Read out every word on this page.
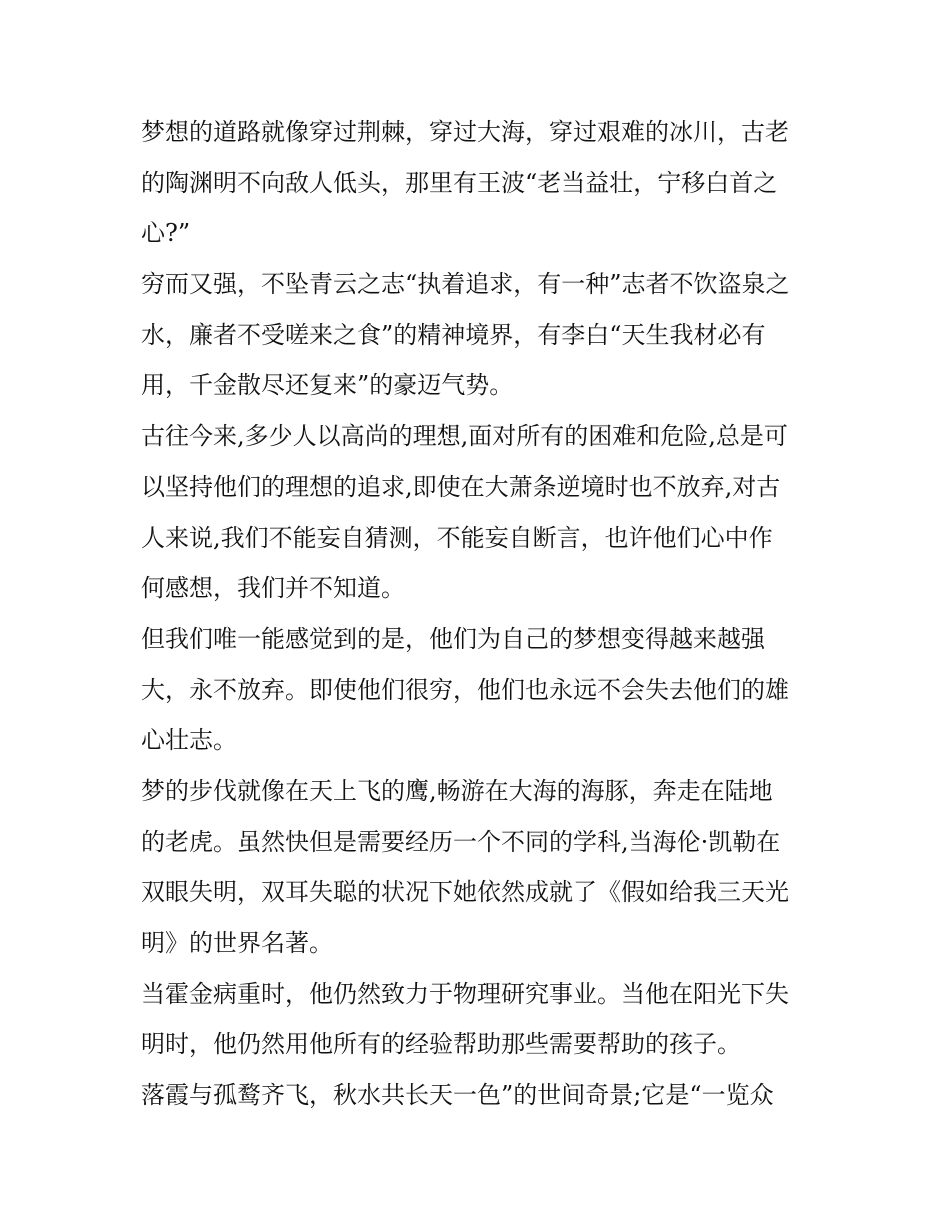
梦想的道路就像穿过荆棘，穿过大海，穿过艰难的冰川，古老
的陶渊明不向敌人低头，那里有王波“老当益壮，宁移白首之
心?”
穷而又强，不坠青云之志“执着追求，有一种”志者不饮盗泉之
水，廉者不受嗟来之食”的精神境界，有李白“天生我材必有
用，千金散尽还复来”的豪迈气势。
古往今来,多少人以高尚的理想,面对所有的困难和危险,总是可
以坚持他们的理想的追求,即使在大萧条逆境时也不放弃,对古
人来说,我们不能妄自猜测，不能妄自断言，也许他们心中作
何感想，我们并不知道。
但我们唯一能感觉到的是，他们为自己的梦想变得越来越强
大，永不放弃。即使他们很穷，他们也永远不会失去他们的雄
心壮志。
梦的步伐就像在天上飞的鹰,畅游在大海的海豚，奔走在陆地
的老虎。虽然快但是需要经历一个不同的学科,当海伦·凯勒在
双眼失明，双耳失聪的状况下她依然成就了《假如给我三天光
明》的世界名著。
当霍金病重时，他仍然致力于物理研究事业。当他在阳光下失
明时，他仍然用他所有的经验帮助那些需要帮助的孩子。
落霞与孤鹜齐飞，秋水共长天一色”的世间奇景;它是“一览众
